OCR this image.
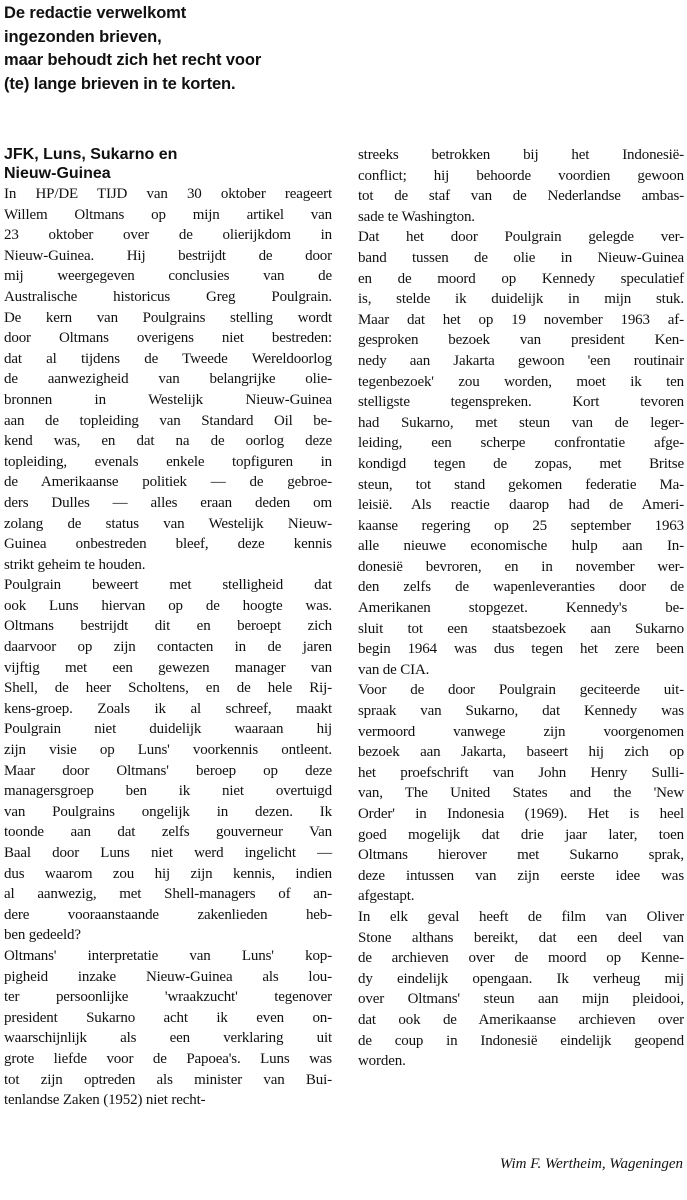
De redactie verwelkomt
ingezonden brieven,
maar behoudt zich het recht voor
(te) lange brieven in te korten.
JFK, Luns, Sukarno en
Nieuw-Guinea
In HP/DE TIJD van 30 oktober reageert
Willem Oltmans op mijn artikel van
23 oktober over de olierijkdom in
Nieuw-Guinea. Hij bestrijdt de door
mij weergegeven conclusies van de
Australische historicus Greg Poulgrain.
De kern van Poulgrains stelling wordt
door Oltmans overigens niet bestreden:
dat al tijdens de Tweede Wereldoorlog
de aanwezigheid van belangrijke olie-
bronnen in Westelijk Nieuw-Guinea
aan de topleiding van Standard Oil be-
kend was, en dat na de oorlog deze
topleiding, evenals enkele topfiguren in
de Amerikaanse politiek — de gebroe-
ders Dulles — alles eraan deden om
zolang de status van Westelijk Nieuw-
Guinea onbestreden bleef, deze kennis
strikt geheim te houden.
Poulgrain beweert met stelligheid dat
ook Luns hiervan op de hoogte was.
Oltmans bestrijdt dit en beroept zich
daarvoor op zijn contacten in de jaren
vijftig met een gewezen manager van
Shell, de heer Scholtens, en de hele Rij-
kens-groep. Zoals ik al schreef, maakt
Poulgrain niet duidelijk waaraan hij
zijn visie op Luns' voorkennis ontleent.
Maar door Oltmans' beroep op deze
managersgroep ben ik niet overtuigd
van Poulgrains ongelijk in dezen. Ik
toonde aan dat zelfs gouverneur Van
Baal door Luns niet werd ingelicht —
dus waarom zou hij zijn kennis, indien
al aanwezig, met Shell-managers of an-
dere vooraanstaande zakenlieden heb-
ben gedeeld?
Oltmans' interpretatie van Luns' kop-
pigheid inzake Nieuw-Guinea als lou-
ter persoonlijke 'wraakzucht' tegenover
president Sukarno acht ik even on-
waarschijnlijk als een verklaring uit
grote liefde voor de Papoea's. Luns was
tot zijn optreden als minister van Bui-
tenlandse Zaken (1952) niet recht-
streeks betrokken bij het Indonesië-
conflict; hij behoorde voordien gewoon
tot de staf van de Nederlandse ambas-
sade te Washington.
Dat het door Poulgrain gelegde ver-
band tussen de olie in Nieuw-Guinea
en de moord op Kennedy speculatief
is, stelde ik duidelijk in mijn stuk.
Maar dat het op 19 november 1963 af-
gesproken bezoek van president Ken-
nedy aan Jakarta gewoon 'een routinair
tegenbezoek' zou worden, moet ik ten
stelligste tegenspreken. Kort tevoren
had Sukarno, met steun van de leger-
leiding, een scherpe confrontatie afge-
kondigd tegen de zopas, met Britse
steun, tot stand gekomen federatie Ma-
leisië. Als reactie daarop had de Ameri-
kaanse regering op 25 september 1963
alle nieuwe economische hulp aan In-
donesië bevroren, en in november wer-
den zelfs de wapenleveranties door de
Amerikanen stopgezet. Kennedy's be-
sluit tot een staatsbezoek aan Sukarno
begin 1964 was dus tegen het zere been
van de CIA.
Voor de door Poulgrain geciteerde uit-
spraak van Sukarno, dat Kennedy was
vermoord vanwege zijn voorgenomen
bezoek aan Jakarta, baseert hij zich op
het proefschrift van John Henry Sulli-
van, The United States and the 'New
Order' in Indonesia (1969). Het is heel
goed mogelijk dat drie jaar later, toen
Oltmans hierover met Sukarno sprak,
deze intussen van zijn eerste idee was
afgestapt.
In elk geval heeft de film van Oliver
Stone althans bereikt, dat een deel van
de archieven over de moord op Kenne-
dy eindelijk opengaan. Ik verheug mij
over Oltmans' steun aan mijn pleidooi,
dat ook de Amerikaanse archieven over
de coup in Indonesië eindelijk geopend
worden.
Wim F. Wertheim, Wageningen
